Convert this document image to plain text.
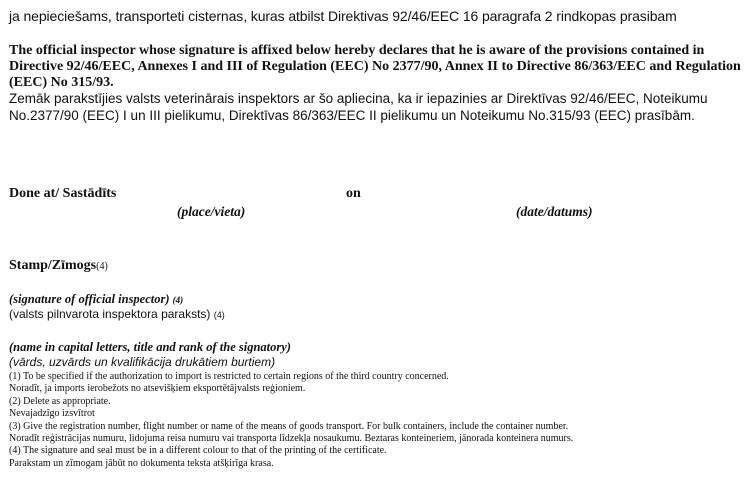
ja nepieciešams, transporteti cisternas, kuras atbilst Direktivas 92/46/EEC 16 paragrafa 2 rindkopas prasibam
The official inspector whose signature is affixed below hereby declares that he is aware of the provisions contained in Directive 92/46/EEC, Annexes I and III of Regulation (EEC) No 2377/90, Annex II to Directive 86/363/EEC and Regulation (EEC) No 315/93.
Zemāk parakstījies valsts veterinārais inspektors ar šo apliecina, ka ir iepazinies ar Direktīvas 92/46/EEC, Noteikumu No.2377/90 (EEC) I un III pielikumu, Direktīvas 86/363/EEC II pielikumu un Noteikumu No.315/93 (EEC) prasībām.
Done at/ Sastādīts	on
(place/vieta)	(date/datums)
Stamp/Zīmogs(4)
(signature of official inspector) (4)
(valsts pilnvarota inspektora paraksts) (4)
(name in capital letters, title and rank of the signatory)
(vārds, uzvārds un kvalifikācija drukātiem burtiem)
(1) To be specified if the authorization to import is restricted to certain regions of the third country concerned.
Noradīt, ja imports ierobežots no atsevišķiem eksportētājvalsts reģioniem.
(2) Delete as appropriate.
Nevajadzīgo izsvītrot
(3) Give the registration number, flight number or name of the means of goods transport. For bulk containers, include the container number.
Noradīt reģistrācijas numuru, lidojuma reisa numuru vai transporta līdzekļa nosaukumu. Beztaras konteineriem, jānorada konteinera numurs.
(4) The signature and seal must be in a different colour to that of the printing of the certificate.
Parakstam un zīmogam jābūt no dokumenta teksta atšķirīga krasa.
